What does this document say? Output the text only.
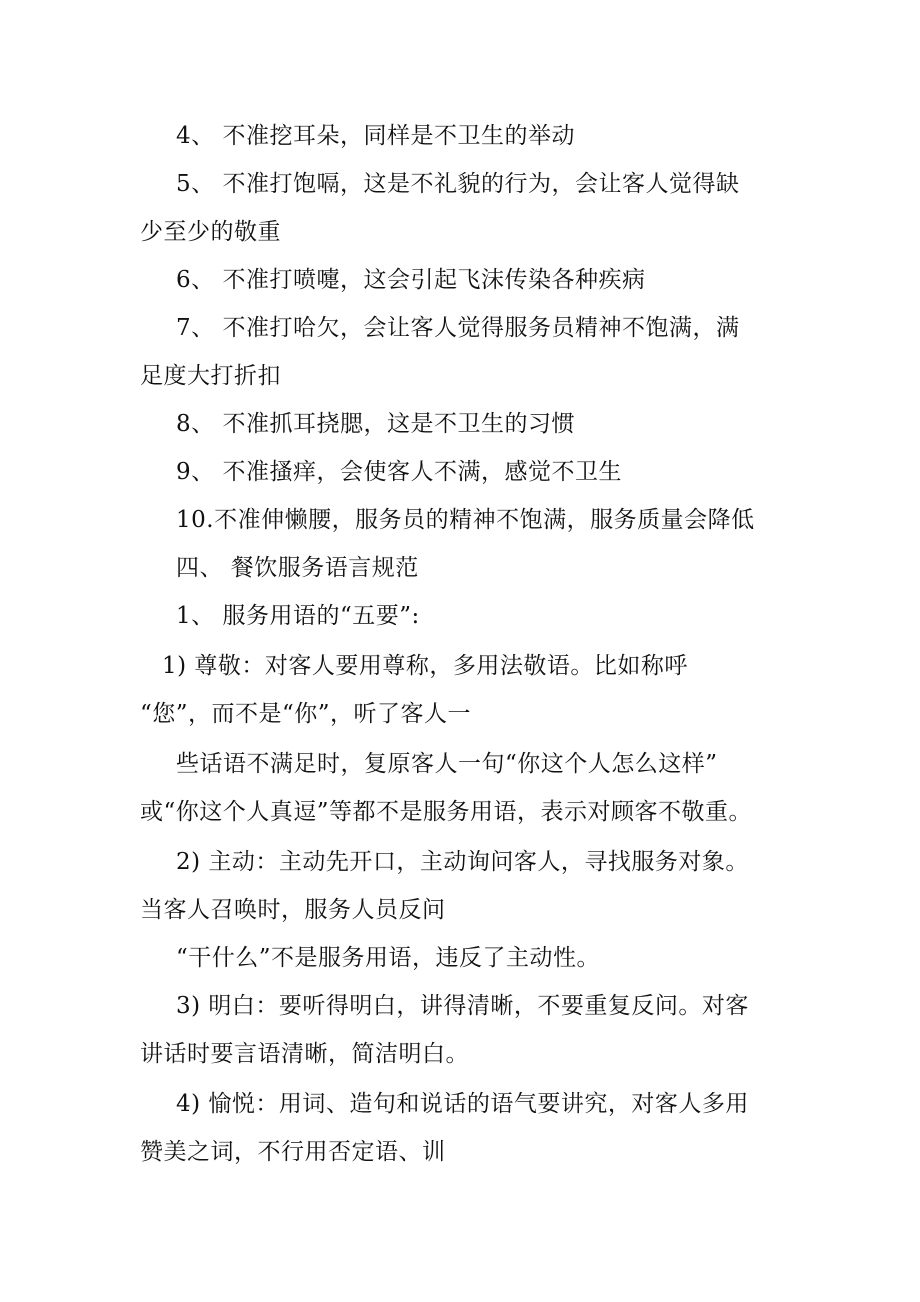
4、 不准挖耳朵，同样是不卫生的举动
5、 不准打饱嗝，这是不礼貌的行为，会让客人觉得缺
少至少的敬重
6、 不准打喷嚏，这会引起飞沫传染各种疾病
7、 不准打哈欠，会让客人觉得服务员精神不饱满，满
足度大打折扣
8、 不准抓耳挠腮，这是不卫生的习惯
9、 不准搔痒，会使客人不满，感觉不卫生
10.不准伸懒腰，服务员的精神不饱满，服务质量会降低
四、 餐饮服务语言规范
1、 服务用语的“五要”:
1) 尊敬：对客人要用尊称，多用法敬语。比如称呼
“您”，而不是“你”，听了客人一
些话语不满足时，复原客人一句“你这个人怎么这样”
或“你这个人真逗”等都不是服务用语，表示对顾客不敬重。
2) 主动：主动先开口，主动询问客人，寻找服务对象。
当客人召唤时，服务人员反问
“干什么”不是服务用语，违反了主动性。
3) 明白：要听得明白，讲得清晰，不要重复反问。对客
讲话时要言语清晰，简洁明白。
4) 愉悦：用词、造句和说话的语气要讲究，对客人多用
赞美之词，不行用否定语、训
